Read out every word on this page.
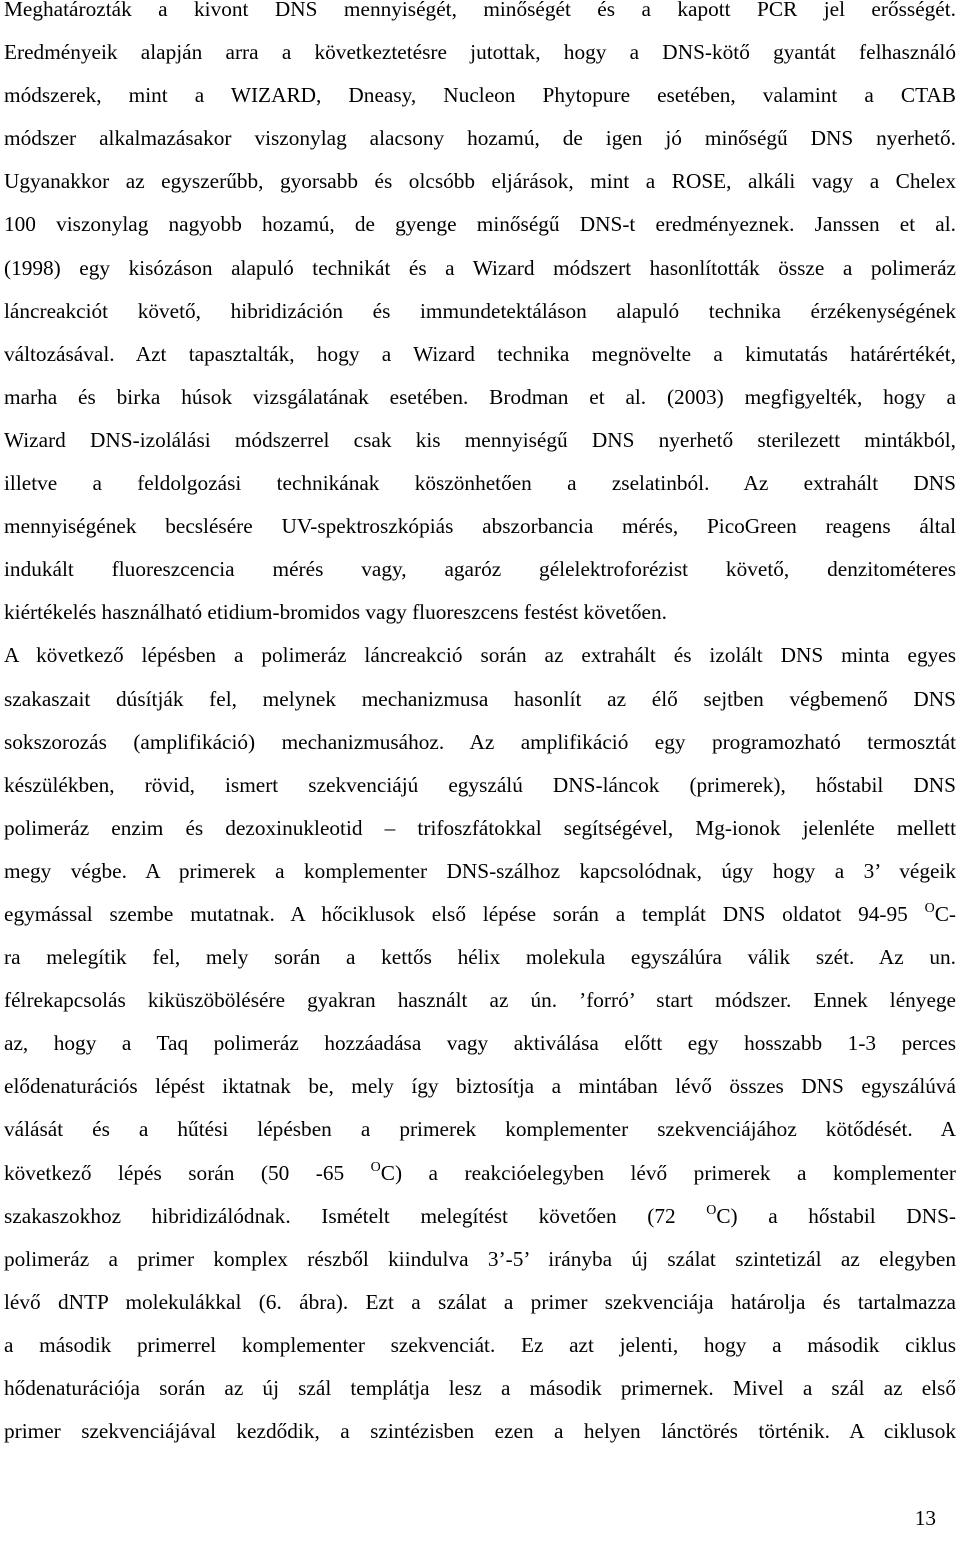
Meghatározták a kivont DNS mennyiségét, minőségét és a kapott PCR jel erősségét.
Eredményeik alapján arra a következtetésre jutottak, hogy a DNS-kötő gyantát felhasználó
módszerek, mint a WIZARD, Dneasy, Nucleon Phytopure esetében, valamint a CTAB
módszer alkalmazásakor viszonylag alacsony hozamú, de igen jó minőségű DNS nyerhető.
Ugyanakkor az egyszerűbb, gyorsabb és olcsóbb eljárások, mint a ROSE, alkáli vagy a Chelex
100 viszonylag nagyobb hozamú, de gyenge minőségű DNS-t eredményeznek. Janssen et al.
(1998) egy kisózáson alapuló technikát és a Wizard módszert hasonlították össze a polimeráz
láncreakciót követő, hibridizáción és immundetektáláson alapuló technika érzékenységének
változásával. Azt tapasztalták, hogy a Wizard technika megnövelte a kimutatás határértékét,
marha és birka húsok vizsgálatának esetében. Brodman et al. (2003) megfigyelték, hogy a
Wizard DNS-izolálási módszerrel csak kis mennyiségű DNS nyerhető sterilezett mintákból,
illetve a feldolgozási technikának köszönhetően a zselatinból. Az extrahált DNS
mennyiségének becslésére UV-spektroszkópiás abszorbancia mérés, PicoGreen reagens által
indukált fluoreszcencia mérés vagy, agaróz gélelektroforézist követő, denzitométeres
kiértékelés használható etidium-bromidos vagy fluoreszcens festést követően.

A következő lépésben a polimeráz láncreakció során az extrahált és izolált DNS minta egyes
szakaszait dúsítják fel, melynek mechanizmusa hasonlít az élő sejtben végbemenő DNS
sokszorozás (amplifikáció) mechanizmusához. Az amplifikáció egy programozható termosztát
készülékben, rövid, ismert szekvenciájú egyszálú DNS-láncok (primerek), hőstabil DNS
polimeráz enzim és dezoxinukleotid – trifoszfátokkal segítségével, Mg-ionok jelenléte mellett
megy végbe. A primerek a komplementer DNS-szálhoz kapcsolódnak, úgy hogy a 3’ végeik
egymással szembe mutatnak. A hőciklusok első lépése során a templát DNS oldatot 94-95 $^O$C-
ra melegítik fel, mely során a kettős hélix molekula egyszálúra válik szét. Az un.
félrekapcsolás kiküszöbölésére gyakran használt az ún. ’forró’ start módszer. Ennek lényege
az, hogy a Taq polimeráz hozzáadása vagy aktiválása előtt egy hosszabb 1-3 perces
elődenaturációs lépést iktatnak be, mely így biztosítja a mintában lévő összes DNS egyszálúvá
válását és a hűtési lépésben a primerek komplementer szekvenciájához kötődését. A
következő lépés során (50 -65 $^O$C) a reakcióelegyben lévő primerek a komplementer
szakaszokhoz hibridizálódnak. Ismételt melegítést követően (72 $^O$C) a hőstabil DNS-
polimeráz a primer komplex részből kiindulva 3’-5’ irányba új szálat szintetizál az elegyben
lévő dNTP molekulákkal (6. ábra). Ezt a szálat a primer szekvenciája határolja és tartalmazza
a második primerrel komplementer szekvenciát. Ez azt jelenti, hogy a második ciklus
hődenaturációja során az új szál templátja lesz a második primernek. Mivel a szál az első
primer szekvenciájával kezdődik, a szintézisben ezen a helyen lánctörés történik. A ciklusok

13
